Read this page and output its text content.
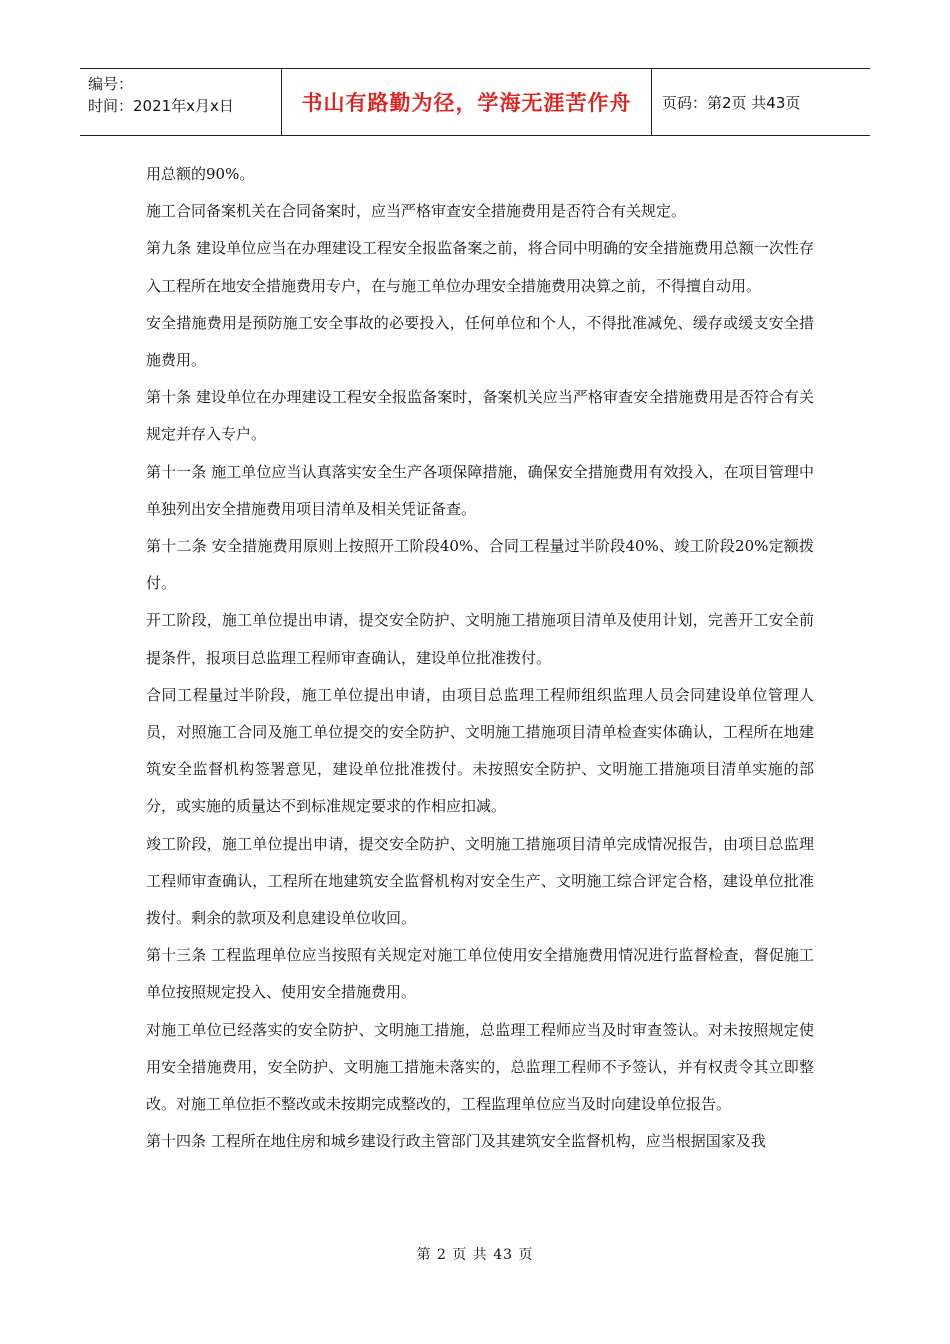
编号：
时间：2021年x月x日	书山有路勤为径，学海无涯苦作舟 页码：第2页 共43页

用总额的90%。

施工合同备案机关在合同备案时，应当严格审查安全措施费用是否符合有关规定。

第九条 建设单位应当在办理建设工程安全报监备案之前，将合同中明确的安全措施费用总额一次性存入工程所在地安全措施费用专户，在与施工单位办理安全措施费用决算之前，不得擅自动用。

安全措施费用是预防施工安全事故的必要投入，任何单位和个人，不得批准减免、缓存或缓支安全措施费用。

第十条 建设单位在办理建设工程安全报监备案时，备案机关应当严格审查安全措施费用是否符合有关规定并存入专户。

第十一条 施工单位应当认真落实安全生产各项保障措施，确保安全措施费用有效投入，在项目管理中单独列出安全措施费用项目清单及相关凭证备查。

第十二条 安全措施费用原则上按照开工阶段40%、合同工程量过半阶段40%、竣工阶段20%定额拨付。

开工阶段，施工单位提出申请，提交安全防护、文明施工措施项目清单及使用计划，完善开工安全前提条件，报项目总监理工程师审查确认，建设单位批准拨付。

合同工程量过半阶段，施工单位提出申请，由项目总监理工程师组织监理人员会同建设单位管理人员，对照施工合同及施工单位提交的安全防护、文明施工措施项目清单检查实体确认，工程所在地建筑安全监督机构签署意见，建设单位批准拨付。未按照安全防护、文明施工措施项目清单实施的部分，或实施的质量达不到标准规定要求的作相应扣减。

竣工阶段，施工单位提出申请，提交安全防护、文明施工措施项目清单完成情况报告，由项目总监理工程师审查确认，工程所在地建筑安全监督机构对安全生产、文明施工综合评定合格，建设单位批准拨付。剩余的款项及利息建设单位收回。

第十三条 工程监理单位应当按照有关规定对施工单位使用安全措施费用情况进行监督检查，督促施工单位按照规定投入、使用安全措施费用。

对施工单位已经落实的安全防护、文明施工措施，总监理工程师应当及时审查签认。对未按照规定使用安全措施费用，安全防护、文明施工措施未落实的，总监理工程师不予签认，并有权责令其立即整改。对施工单位拒不整改或未按期完成整改的，工程监理单位应当及时向建设单位报告。

第十四条 工程所在地住房和城乡建设行政主管部门及其建筑安全监督机构，应当根据国家及我

第 2 页 共 43 页
